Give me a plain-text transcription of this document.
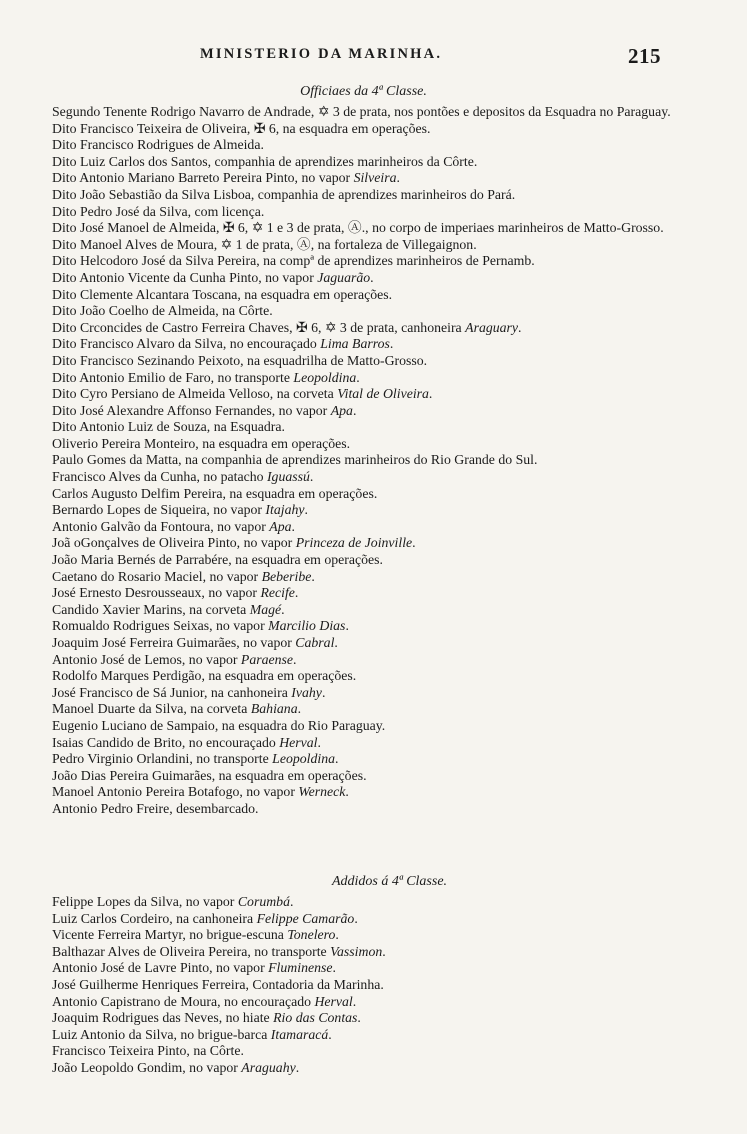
MINISTERIO DA MARINHA.	215
Officiaes da 4ª Classe.
Segundo Tenente Rodrigo Navarro de Andrade, ✡ 3 de prata, nos pontões e depositos da Esquadra no Paraguay.
Dito Francisco Teixeira de Oliveira, ✠ 6, na esquadra em operações.
Dito Francisco Rodrigues de Almeida.
Dito Luiz Carlos dos Santos, companhia de aprendizes marinheiros da Côrte.
Dito Antonio Mariano Barreto Pereira Pinto, no vapor Silveira.
Dito João Sebastião da Silva Lisboa, companhia de aprendizes marinheiros do Pará.
Dito Pedro José da Silva, com licença.
Dito José Manoel de Almeida, ✠ 6, ✡ 1 e 3 de prata, Ⓐ., no corpo de imperiaes marinheiros de Matto-Grosso.
Dito Manoel Alves de Moura, ✡ 1 de prata, Ⓐ, na fortaleza de Villegaignon.
Dito Helcodoro José da Silva Pereira, na compª de aprendizes marinheiros de Pernamb.
Dito Antonio Vicente da Cunha Pinto, no vapor Jaguarão.
Dito Clemente Alcantara Toscana, na esquadra em operações.
Dito João Coelho de Almeida, na Côrte.
Dito Crconcides de Castro Ferreira Chaves, ✠ 6, ✡ 3 de prata, canhoneira Araguary.
Dito Francisco Alvaro da Silva, no encouraçado Lima Barros.
Dito Francisco Sezinando Peixoto, na esquadrilha de Matto-Grosso.
Dito Antonio Emilio de Faro, no transporte Leopoldina.
Dito Cyro Persiano de Almeida Velloso, na corveta Vital de Oliveira.
Dito José Alexandre Affonso Fernandes, no vapor Apa.
Dito Antonio Luiz de Souza, na Esquadra.
Oliverio Pereira Monteiro, na esquadra em operações.
Paulo Gomes da Matta, na companhia de aprendizes marinheiros do Rio Grande do Sul.
Francisco Alves da Cunha, no patacho Iguassú.
Carlos Augusto Delfim Pereira, na esquadra em operações.
Bernardo Lopes de Siqueira, no vapor Itajahy.
Antonio Galvão da Fontoura, no vapor Apa.
Joã oGonçalves de Oliveira Pinto, no vapor Princeza de Joinville.
João Maria Bernés de Parrabére, na esquadra em operações.
Caetano do Rosario Maciel, no vapor Beberibe.
José Ernesto Desrousseaux, no vapor Recife.
Candido Xavier Marins, na corveta Magé.
Romualdo Rodrigues Seixas, no vapor Marcilio Dias.
Joaquim José Ferreira Guimarães, no vapor Cabral.
Antonio José de Lemos, no vapor Paraense.
Rodolfo Marques Perdigão, na esquadra em operações.
José Francisco de Sá Junior, na canhoneira Ivahy.
Manoel Duarte da Silva, na corveta Bahiana.
Eugenio Luciano de Sampaio, na esquadra do Rio Paraguay.
Isaias Candido de Brito, no encouraçado Herval.
Pedro Virginio Orlandini, no transporte Leopoldina.
João Dias Pereira Guimarães, na esquadra em operações.
Manoel Antonio Pereira Botafogo, no vapor Werneck.
Antonio Pedro Freire, desembarcado.
Addidos á 4ª Classe.
Felippe Lopes da Silva, no vapor Corumbá.
Luiz Carlos Cordeiro, na canhoneira Felippe Camarão.
Vicente Ferreira Martyr, no brigue-escuna Tonelero.
Balthazar Alves de Oliveira Pereira, no transporte Vassimon.
Antonio José de Lavre Pinto, no vapor Fluminense.
José Guilherme Henriques Ferreira, Contadoria da Marinha.
Antonio Capistrano de Moura, no encouraçado Herval.
Joaquim Rodrigues das Neves, no hiate Rio das Contas.
Luiz Antonio da Silva, no brigue-barca Itamaracá.
Francisco Teixeira Pinto, na Côrte.
João Leopoldo Gondim, no vapor Araguahy.
